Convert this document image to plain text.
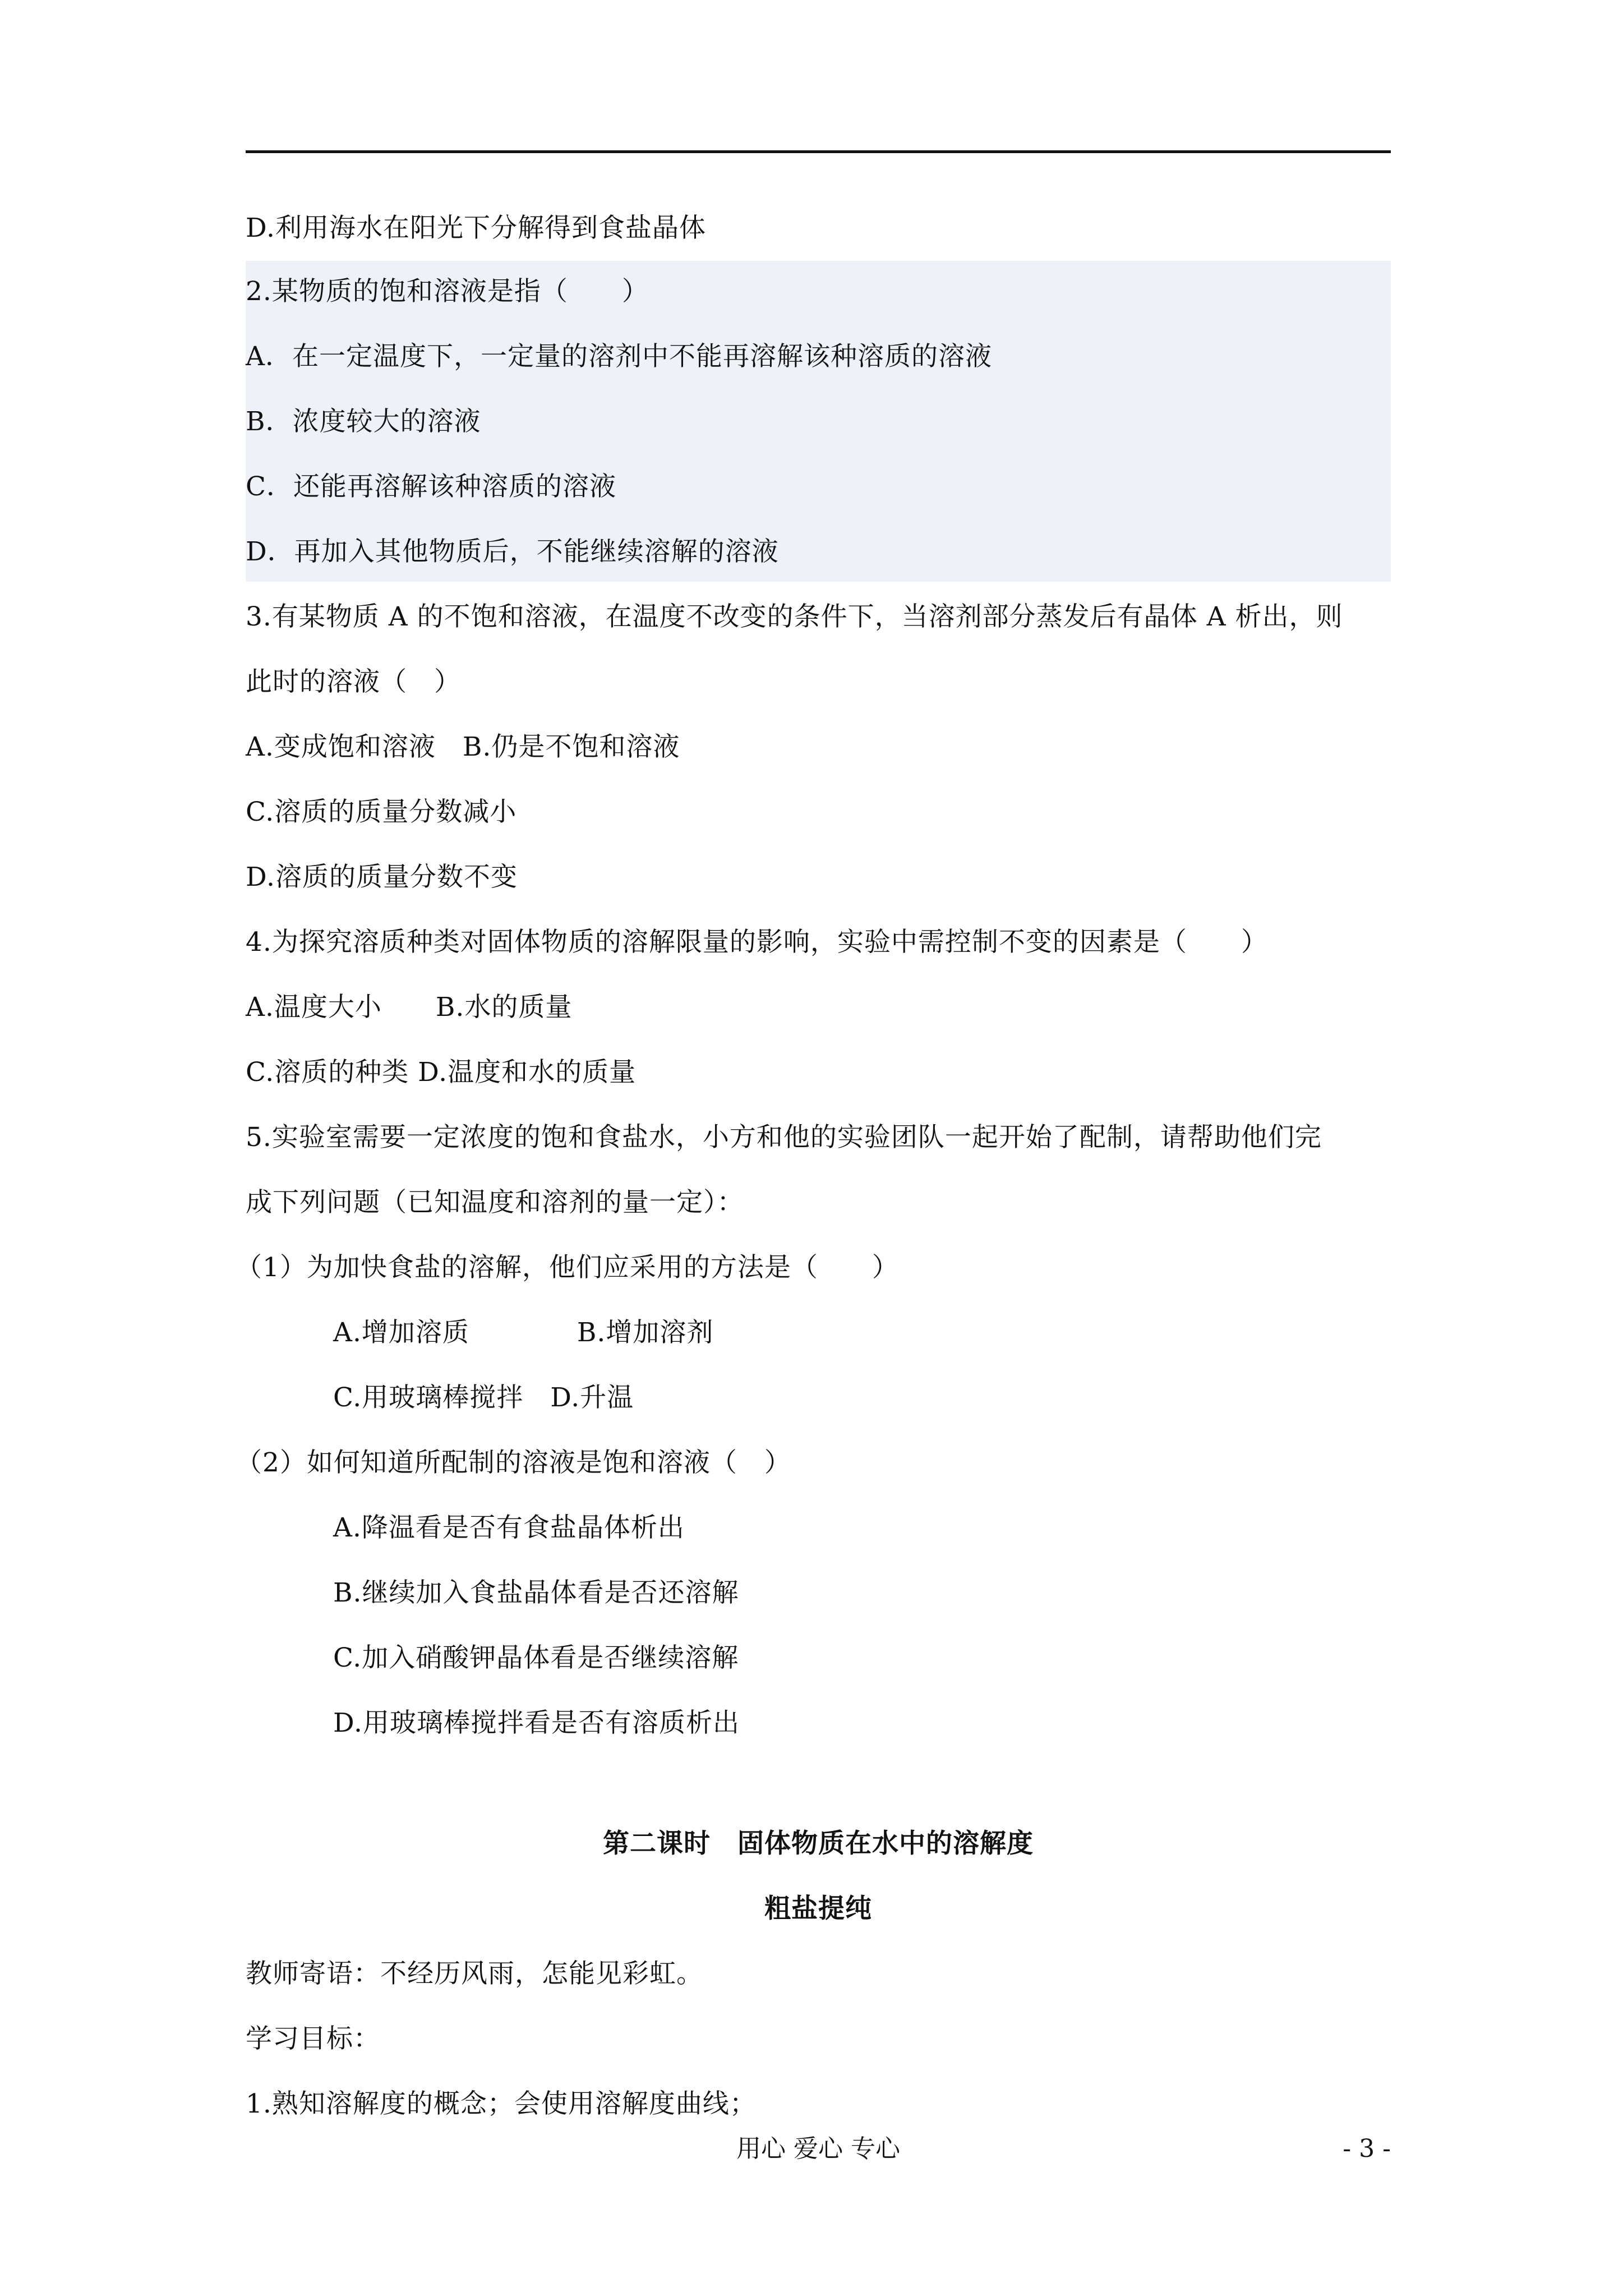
D.利用海水在阳光下分解得到食盐晶体
2.某物质的饱和溶液是指（　　）
A．在一定温度下，一定量的溶剂中不能再溶解该种溶质的溶液
B．浓度较大的溶液
C．还能再溶解该种溶质的溶液
D．再加入其他物质后，不能继续溶解的溶液
3.有某物质 A 的不饱和溶液，在温度不改变的条件下，当溶剂部分蒸发后有晶体 A 析出，则
此时的溶液（　）
A.变成饱和溶液　B.仍是不饱和溶液
C.溶质的质量分数减小
D.溶质的质量分数不变
4.为探究溶质种类对固体物质的溶解限量的影响，实验中需控制不变的因素是（　　）
A.温度大小　　B.水的质量
C.溶质的种类 D.温度和水的质量
5.实验室需要一定浓度的饱和食盐水，小方和他的实验团队一起开始了配制，请帮助他们完
成下列问题（已知温度和溶剂的量一定）：
（1）为加快食盐的溶解，他们应采用的方法是（　　）
A.增加溶质　　　　B.增加溶剂
C.用玻璃棒搅拌　D.升温
（2）如何知道所配制的溶液是饱和溶液（　）
A.降温看是否有食盐晶体析出
B.继续加入食盐晶体看是否还溶解
C.加入硝酸钾晶体看是否继续溶解
D.用玻璃棒搅拌看是否有溶质析出
第二课时　固体物质在水中的溶解度
粗盐提纯
教师寄语：不经历风雨，怎能见彩虹。
学习目标：
1.熟知溶解度的概念；会使用溶解度曲线；
用心 爱心 专心	- 3 -
